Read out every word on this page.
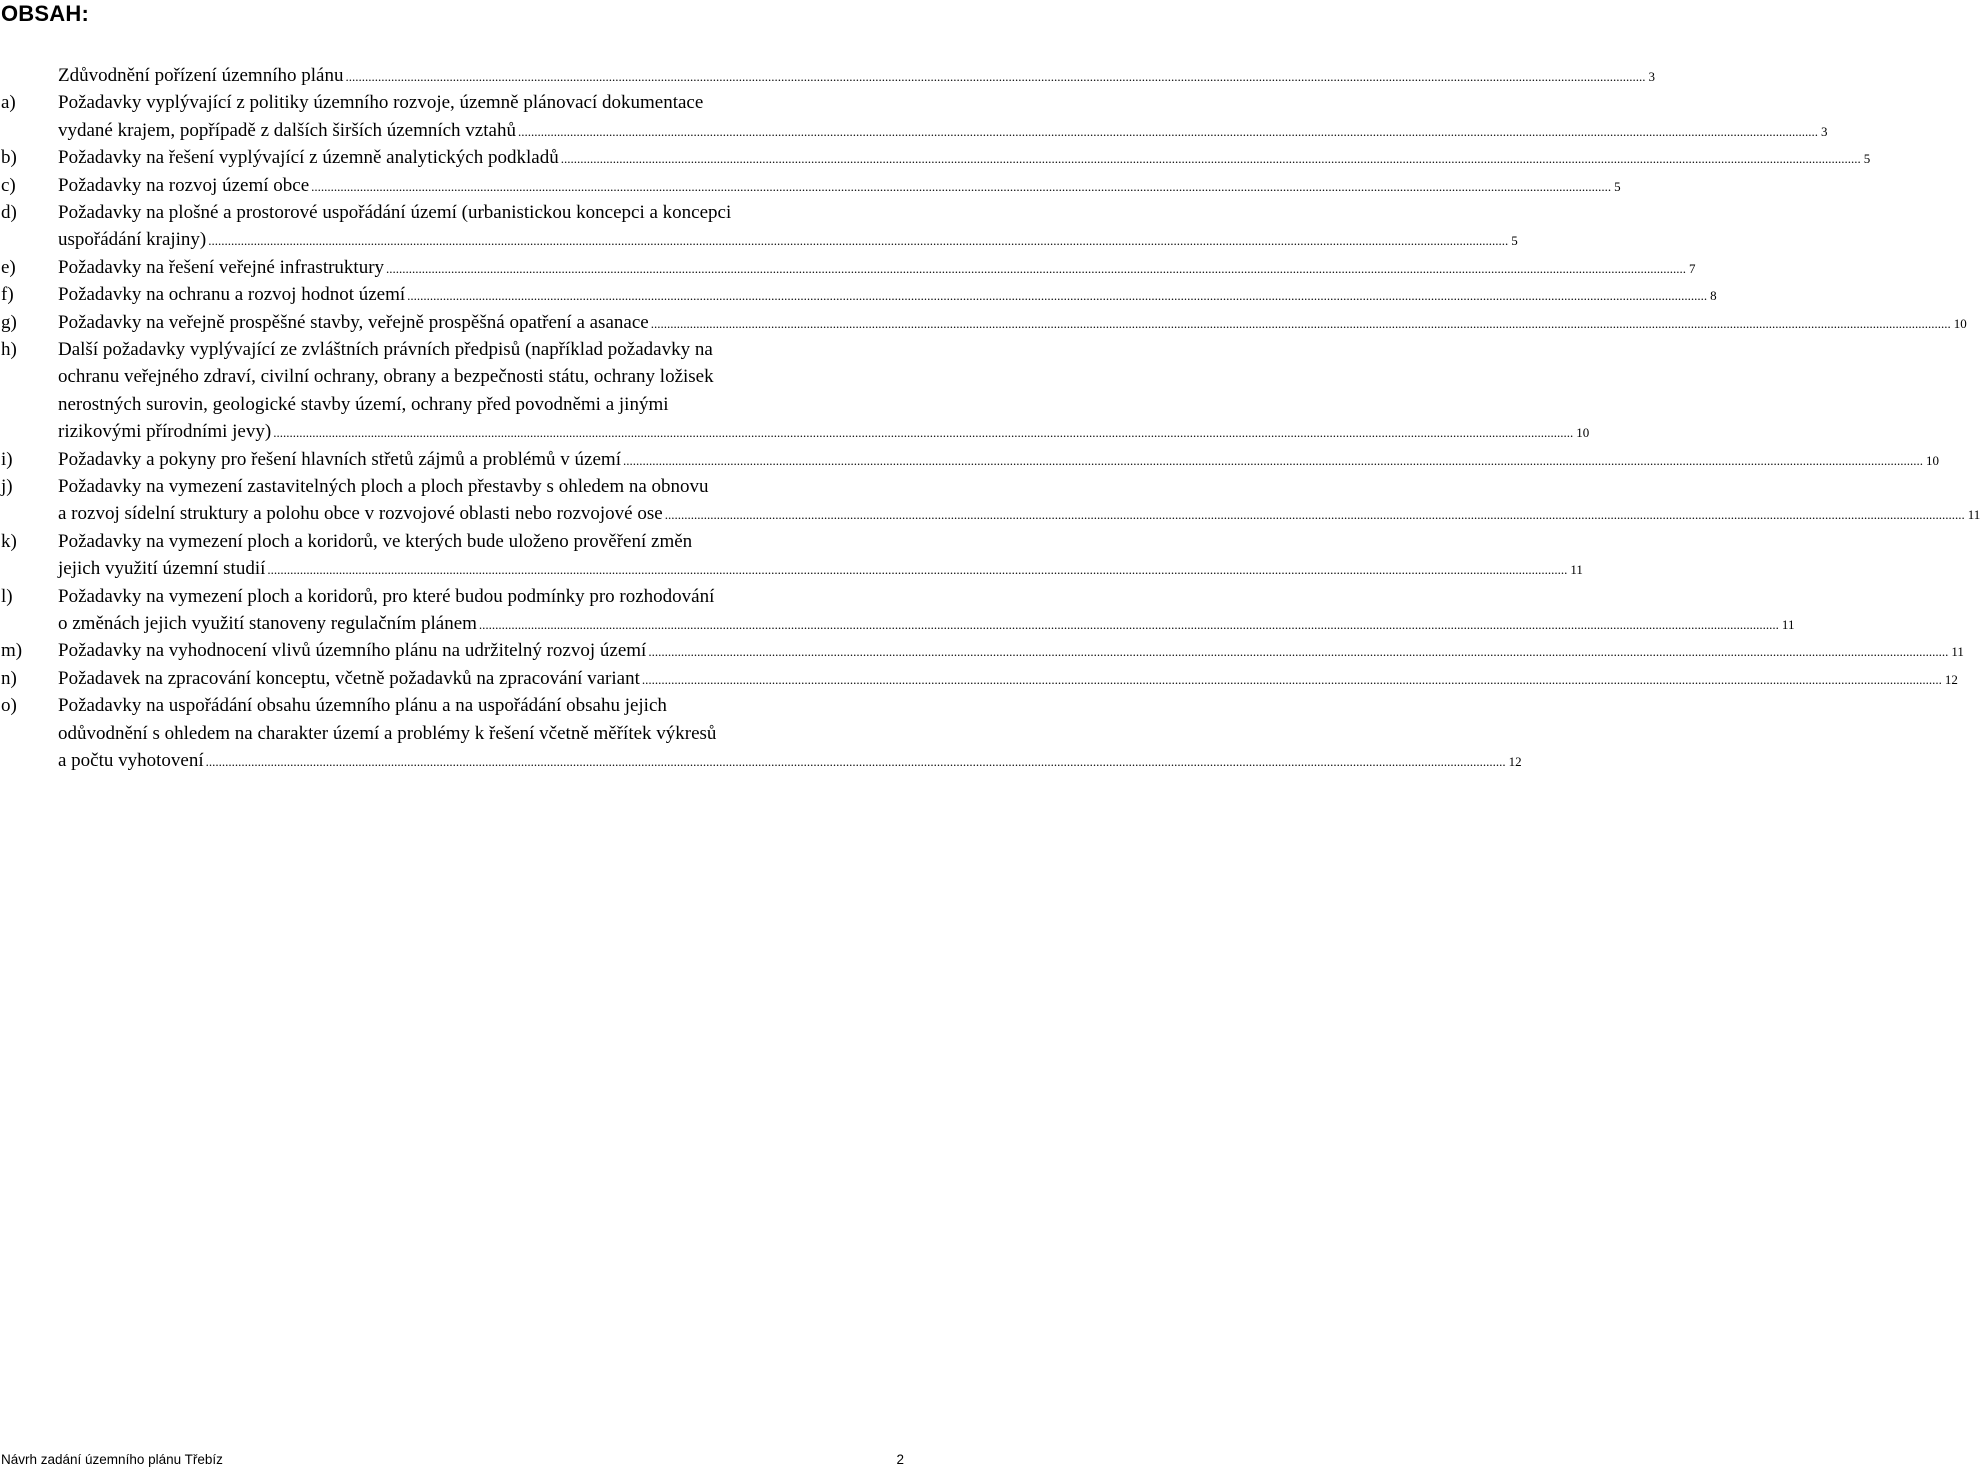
OBSAH:
Zdůvodnění pořízení územního plánu ................................................................................................................................................................................................................................................................................................................................................................................................................ 3
a) Požadavky vyplývající z politiky územního rozvoje, územně plánovací dokumentace
vydané krajem, popřípadě z dalších širších územních vztahů ................................................................................................................................................................................................................................................................................................................................................................................................................ 3
b) Požadavky na řešení vyplývající z územně analytických podkladů ................................................................................................................................................................................................................................................................................................................................................................................................................ 5
c) Požadavky na rozvoj území obce ................................................................................................................................................................................................................................................................................................................................................................................................................ 5
d) Požadavky na plošné a prostorové uspořádání území (urbanistickou koncepci a koncepci
uspořádání krajiny) ................................................................................................................................................................................................................................................................................................................................................................................................................ 5
e) Požadavky na řešení veřejné infrastruktury ................................................................................................................................................................................................................................................................................................................................................................................................................ 7
f) Požadavky na ochranu a rozvoj hodnot území ................................................................................................................................................................................................................................................................................................................................................................................................................ 8
g) Požadavky na veřejně prospěšné stavby, veřejně prospěšná opatření a asanace ................................................................................................................................................................................................................................................................................................................................................................................................................ 10
h) Další požadavky vyplývající ze zvláštních právních předpisů (například požadavky na
ochranu veřejného zdraví, civilní ochrany, obrany a bezpečnosti státu, ochrany ložisek
nerostných surovin, geologické stavby území, ochrany před povodněmi a jinými
rizikovými přírodními jevy) ................................................................................................................................................................................................................................................................................................................................................................................................................ 10
i) Požadavky a pokyny pro řešení hlavních střetů zájmů a problémů v území ................................................................................................................................................................................................................................................................................................................................................................................................................ 10
j) Požadavky na vymezení zastavitelných ploch a ploch přestavby s ohledem na obnovu
a rozvoj sídelní struktury a polohu obce v rozvojové oblasti nebo rozvojové ose ................................................................................................................................................................................................................................................................................................................................................................................................................ 11
k) Požadavky na vymezení ploch a koridorů, ve kterých bude uloženo prověření změn
jejich využití územní studií ................................................................................................................................................................................................................................................................................................................................................................................................................ 11
l) Požadavky na vymezení ploch a koridorů, pro které budou podmínky pro rozhodování
o změnách jejich využití stanoveny regulačním plánem ................................................................................................................................................................................................................................................................................................................................................................................................................ 11
m) Požadavky na vyhodnocení vlivů územního plánu na udržitelný rozvoj území ................................................................................................................................................................................................................................................................................................................................................................................................................ 11
n) Požadavek na zpracování konceptu, včetně požadavků na zpracování variant ................................................................................................................................................................................................................................................................................................................................................................................................................ 12
o) Požadavky na uspořádání obsahu územního plánu a na uspořádání obsahu jejich
odůvodnění s ohledem na charakter území a problémy k řešení včetně měřítek výkresů
a počtu vyhotovení ................................................................................................................................................................................................................................................................................................................................................................................................................ 12
Návrh zadání územního plánu Třebíz	2
